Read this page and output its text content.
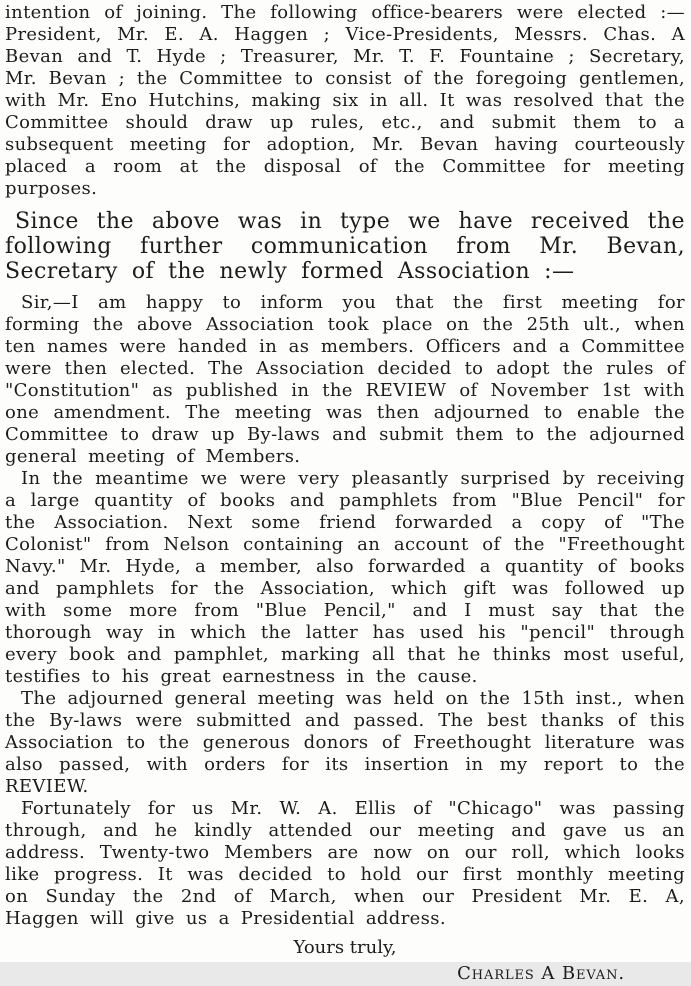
intention of joining. The following office-bearers were elected :— President, Mr. E. A. Haggen ; Vice-Presidents, Messrs. Chas. A Bevan and T. Hyde ; Treasurer, Mr. T. F. Fountaine ; Secretary, Mr. Bevan ; the Committee to consist of the foregoing gentlemen, with Mr. Eno Hutchins, making six in all. It was resolved that the Committee should draw up rules, etc., and submit them to a subsequent meeting for adoption, Mr. Bevan having courteously placed a room at the disposal of the Committee for meeting purposes.

Since the above was in type we have received the following further communication from Mr. Bevan, Secretary of the newly formed Association :—

Sir,—I am happy to inform you that the first meeting for forming the above Association took place on the 25th ult., when ten names were handed in as members. Officers and a Committee were then elected. The Association decided to adopt the rules of "Constitution" as published in the REVIEW of November 1st with one amendment. The meeting was then adjourned to enable the Committee to draw up By-laws and submit them to the adjourned general meeting of Members.

In the meantime we were very pleasantly surprised by receiving a large quantity of books and pamphlets from "Blue Pencil" for the Association. Next some friend forwarded a copy of "The Colonist" from Nelson containing an account of the "Freethought Navy." Mr. Hyde, a member, also forwarded a quantity of books and pamphlets for the Association, which gift was followed up with some more from "Blue Pencil," and I must say that the thorough way in which the latter has used his "pencil" through every book and pamphlet, marking all that he thinks most useful, testifies to his great earnestness in the cause.

The adjourned general meeting was held on the 15th inst., when the By-laws were submitted and passed. The best thanks of this Association to the generous donors of Freethought literature was also passed, with orders for its insertion in my report to the REVIEW.

Fortunately for us Mr. W. A. Ellis of "Chicago" was passing through, and he kindly attended our meeting and gave us an address. Twenty-two Members are now on our roll, which looks like progress. It was decided to hold our first monthly meeting on Sunday the 2nd of March, when our President Mr. E. A, Haggen will give us a Presidential address.

Yours truly,

Charles A Bevan.
